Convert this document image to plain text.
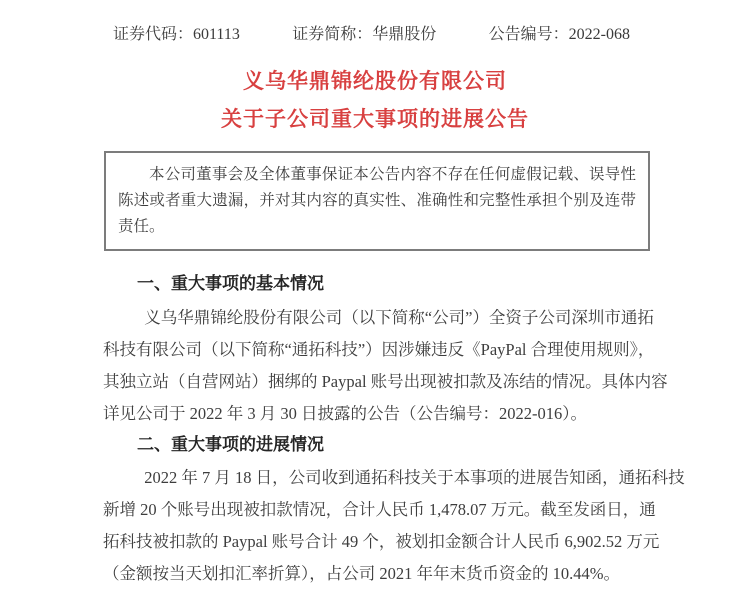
证券代码：601113	证券简称：华鼎股份	公告编号：2022-068
义乌华鼎锦纶股份有限公司
关于子公司重大事项的进展公告

本公司董事会及全体董事保证本公告内容不存在任何虚假记载、误导性陈述或者重大遗漏，并对其内容的真实性、准确性和完整性承担个别及连带责任。

一、重大事项的基本情况
义乌华鼎锦纶股份有限公司（以下简称“公司”）全资子公司深圳市通拓
科技有限公司（以下简称“通拓科技”）因涉嫌违反《PayPal 合理使用规则》，
其独立站（自营网站）捆绑的 Paypal 账号出现被扣款及冻结的情况。具体内容
详见公司于 2022 年 3 月 30 日披露的公告（公告编号：2022-016）。
二、重大事项的进展情况
2022 年 7 月 18 日，公司收到通拓科技关于本事项的进展告知函，通拓科技
新增 20 个账号出现被扣款情况，合计人民币 1,478.07 万元。截至发函日，通
拓科技被扣款的 Paypal 账号合计 49 个，被划扣金额合计人民币 6,902.52 万元
（金额按当天划扣汇率折算），占公司 2021 年年末货币资金的 10.44%。
